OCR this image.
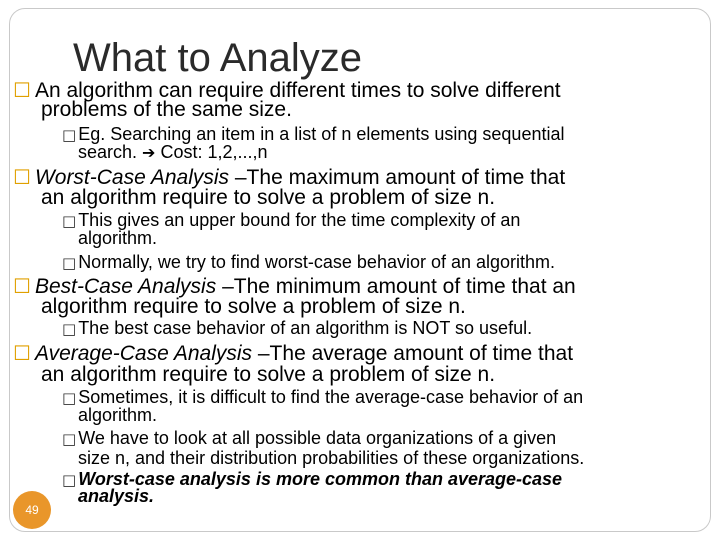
What to Analyze
☐ An algorithm can require different times to solve different
problems of the same size.
□ Eg. Searching an item in a list of n elements using sequential
search. ➔ Cost: 1,2,...,n
☐ Worst-Case Analysis –The maximum amount of time that
an algorithm require to solve a problem of size n.
□ This gives an upper bound for the time complexity of an
algorithm.
□ Normally, we try to find worst-case behavior of an algorithm.
☐ Best-Case Analysis –The minimum amount of time that an
algorithm require to solve a problem of size n.
□ The best case behavior of an algorithm is NOT so useful.
☐ Average-Case Analysis –The average amount of time that
an algorithm require to solve a problem of size n.
□ Sometimes, it is difficult to find the average-case behavior of an
algorithm.
□ We have to look at all possible data organizations of a given
size n, and their distribution probabilities of these organizations.
□ Worst-case analysis is more common than average-case
analysis.
49
